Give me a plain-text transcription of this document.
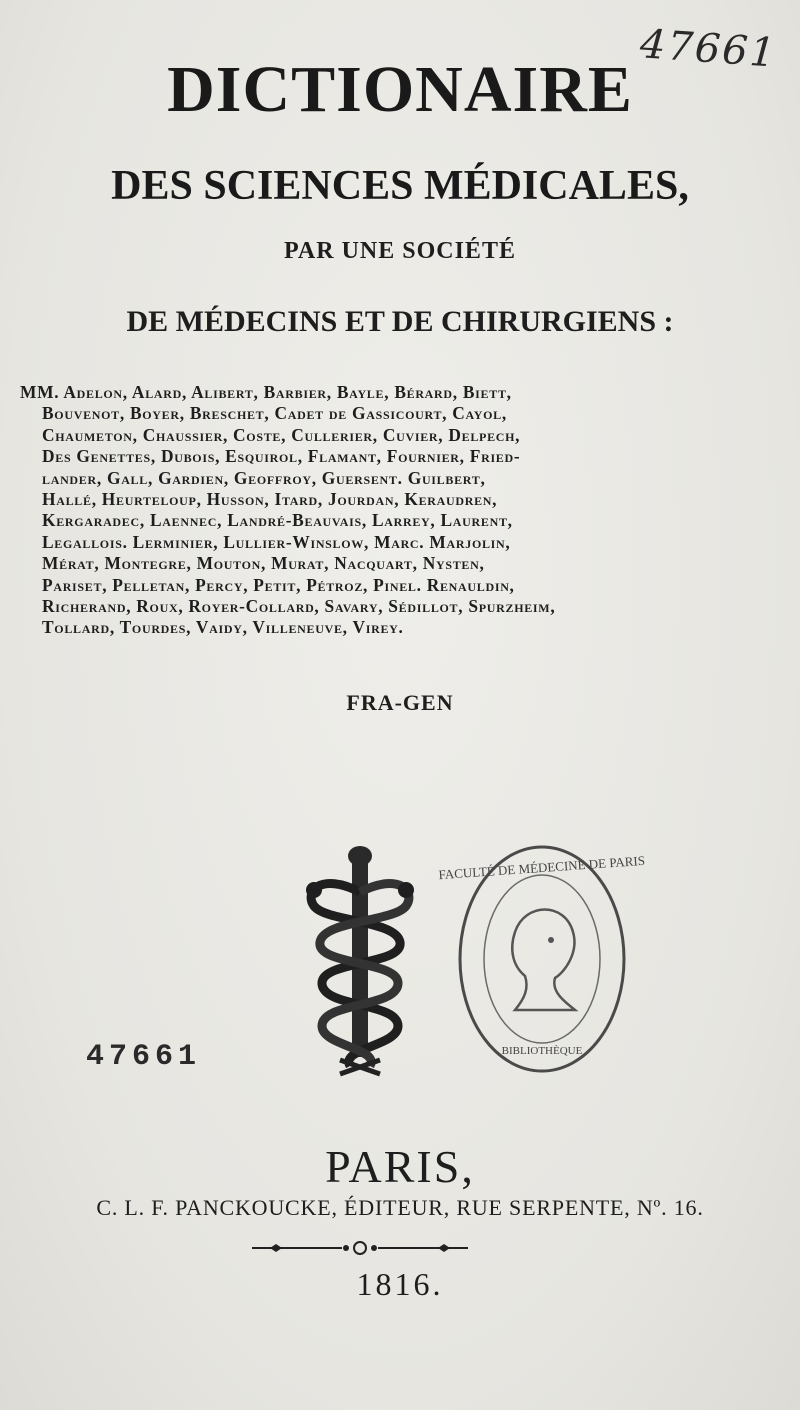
47661
DICTIONAIRE
DES SCIENCES MÉDICALES,
PAR UNE SOCIÉTÉ
DE MÉDECINS ET DE CHIRURGIENS :
MM. Adelon, Alard, Alibert, Barbier, Bayle, Bérard, Biett,
Bouvenot, Boyer, Breschet, Cadet de Gassicourt, Cayol,
Chaumeton, Chaussier, Coste, Cullerier, Cuvier, Delpech,
Des Genettes, Dubois, Esquirol, Flamant, Fournier, Fried-
lander, Gall, Gardien, Geoffroy, Guersent. Guilbert,
Hallé, Heurteloup, Husson, Itard, Jourdan, Keraudren,
Kergaradec, Laennec, Landré-Beauvais, Larrey, Laurent,
Legallois. Lerminier, Lullier-Winslow, Marc. Marjolin,
Mérat, Montegre, Mouton, Murat, Nacquart, Nysten,
Pariset, Pelletan, Percy, Petit, Pétroz, Pinel. Renauldin,
Richerand, Roux, Royer-Collard, Savary, Sédillot, Spurzheim,
Tollard, Tourdes, Vaidy, Villeneuve, Virey.
FRA-GEN
BIBLIOTHÈQUE
FACULTÉ DE MÉDECINE DE PARIS
47661
PARIS,
C. L. F. PANCKOUCKE, ÉDITEUR, RUE SERPENTE, Nº. 16.
1816.
